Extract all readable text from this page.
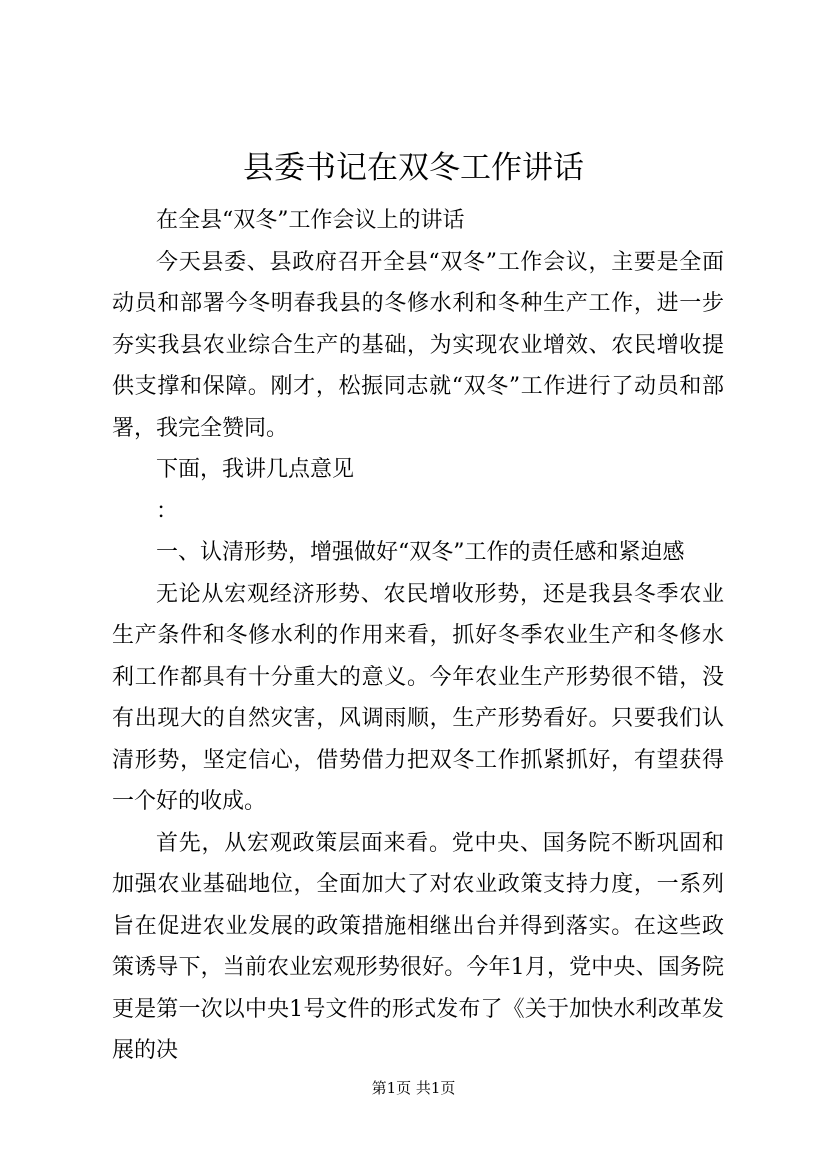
县委书记在双冬工作讲话

在全县“双冬”工作会议上的讲话

今天县委、县政府召开全县“双冬”工作会议，主要是全面动员和部署今冬明春我县的冬修水利和冬种生产工作，进一步夯实我县农业综合生产的基础，为实现农业增效、农民增收提供支撑和保障。刚才，松振同志就“双冬”工作进行了动员和部署，我完全赞同。

下面，我讲几点意见

：

一、认清形势，增强做好“双冬”工作的责任感和紧迫感

无论从宏观经济形势、农民增收形势，还是我县冬季农业生产条件和冬修水利的作用来看，抓好冬季农业生产和冬修水利工作都具有十分重大的意义。今年农业生产形势很不错，没有出现大的自然灾害，风调雨顺，生产形势看好。只要我们认清形势，坚定信心，借势借力把双冬工作抓紧抓好，有望获得一个好的收成。

首先，从宏观政策层面来看。党中央、国务院不断巩固和加强农业基础地位，全面加大了对农业政策支持力度，一系列旨在促进农业发展的政策措施相继出台并得到落实。在这些政策诱导下，当前农业宏观形势很好。今年1月，党中央、国务院更是第一次以中央1号文件的形式发布了《关于加快水利改革发展的决

第1页 共1页
